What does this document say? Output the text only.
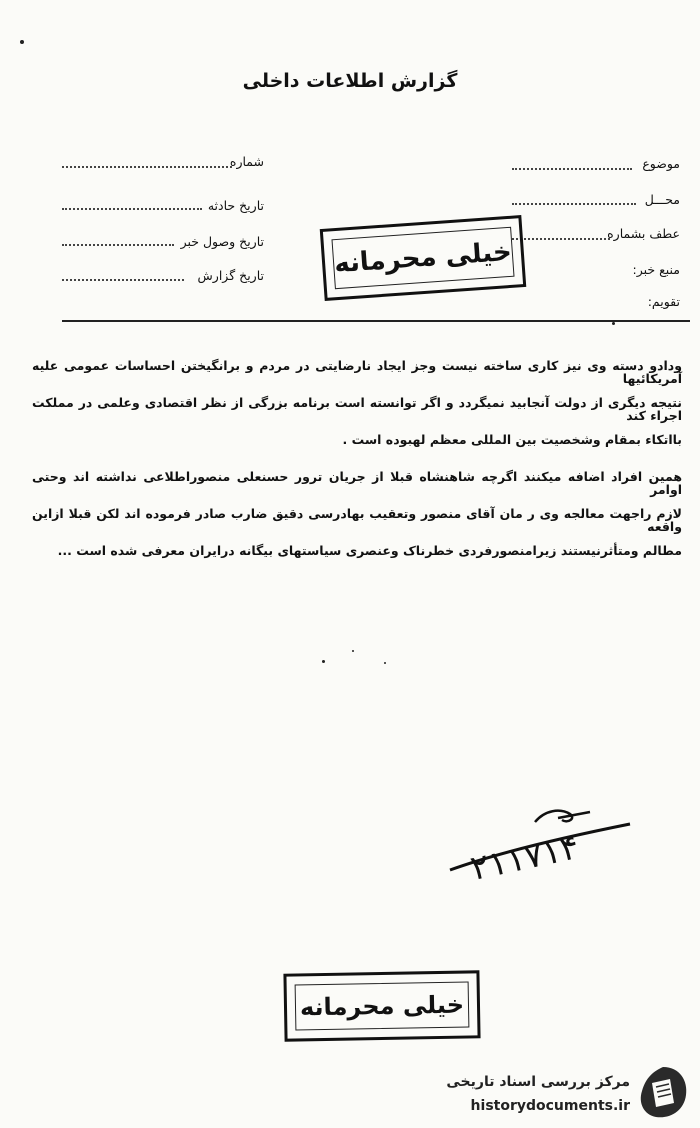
گزارش اطلاعات داخلی
موضوع
محـــل
عطف بشماره
منبع خبر:
تقویم:
شماره
تاریخ حادثه
تاریخ وصول خبر
تاریخ گزارش	خیلی محرمانه
ودادو دسته وی نیز کاری ساخته نیست وجز ایجاد نارضایتی در مردم و برانگیختن احساسات عمومی علیه آمریکائیها
نتیجه دیگری از دولت آنجابید نمیگردد و اگر توانسته است برنامه بزرگی از نظر اقتصادی وعلمی در مملکت اجراء کند
بااتکاء بمقام وشخصیت بین المللی معظم لهبوده است .
همین افراد اضافه میکنند اگرچه شاهنشاه قبلا از جریان ترور حسنعلی منصوراطلاعی نداشته اند وحتی اوامر
لازم راجهت معالجه وی ر مان آقای منصور وتعقیب بهادرسی دقیق ضارب صادر فرموده اند لکن قبلا ازاین واقعه
مطالم ومتأثرنیستند زیرامنصورفردی خطرناک وعنصری سیاستهای بیگانه درایران معرفی شده است ...
۲۱۱۷۱۴
خیلی محرمانه
مرکز بررسی اسناد تاریخی
historydocuments.ir
